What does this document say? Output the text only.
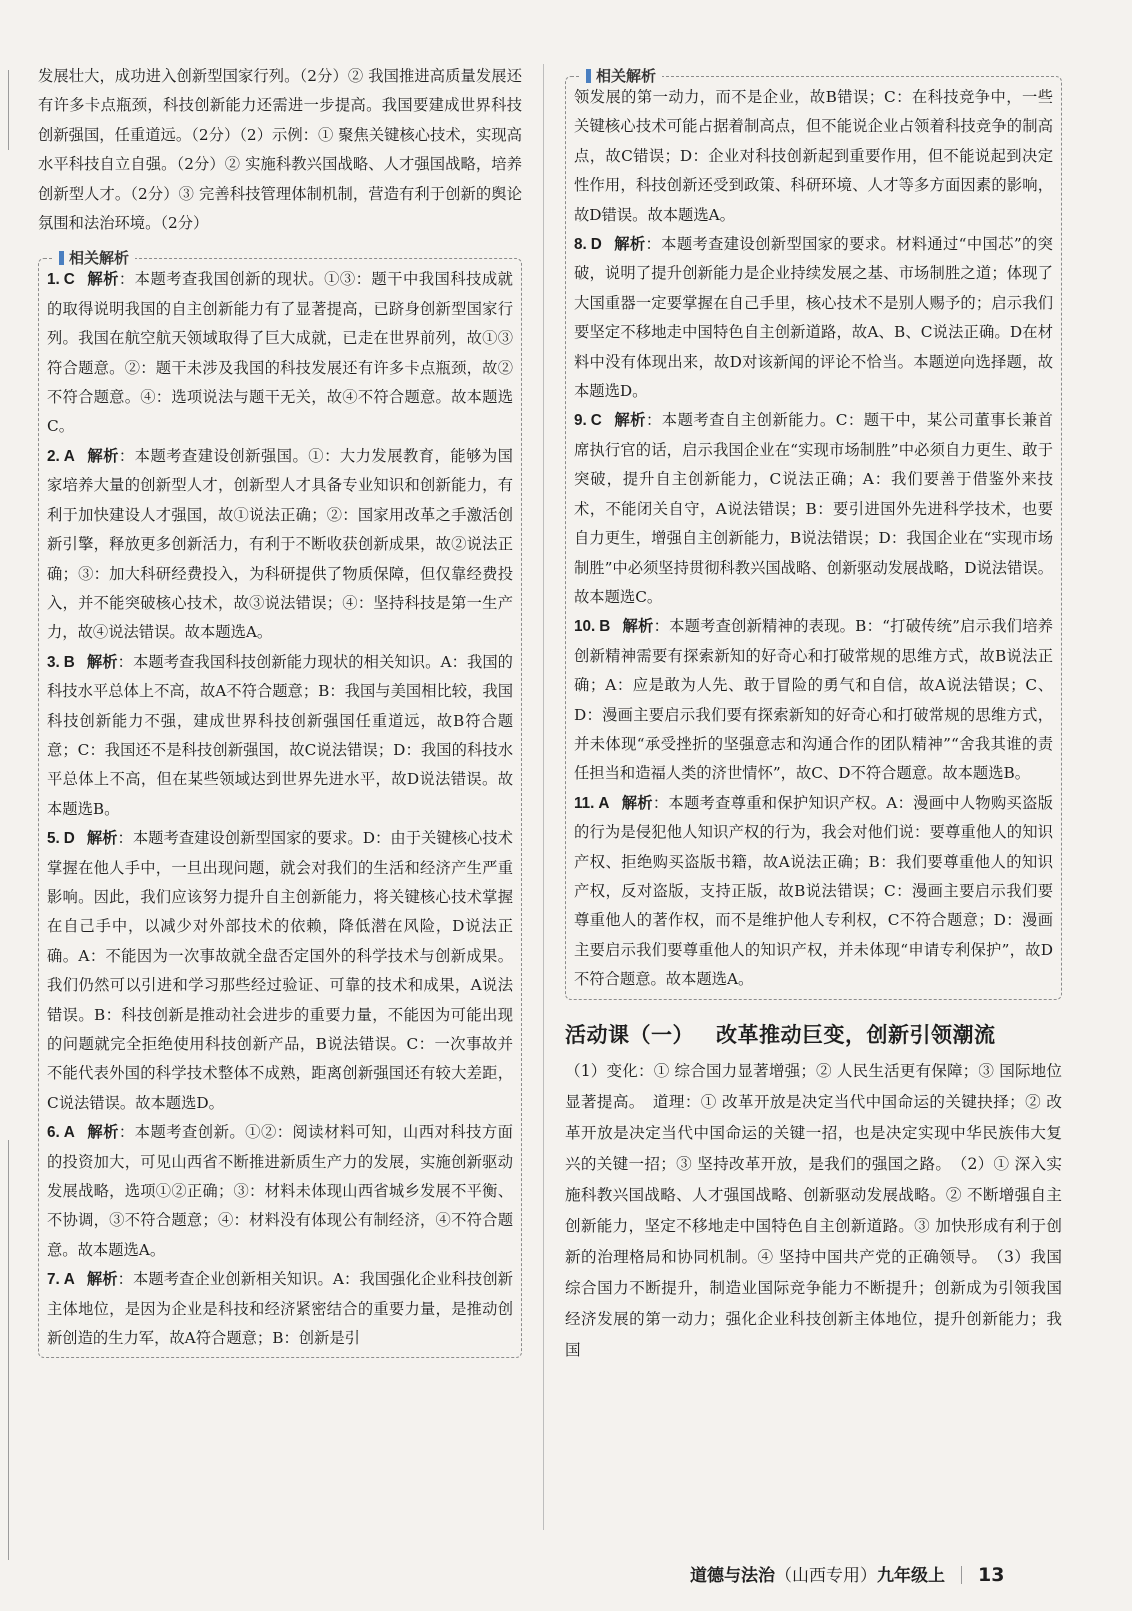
发展壮大，成功进入创新型国家行列。（2分）② 我国推进高质量发展还有许多卡点瓶颈，科技创新能力还需进一步提高。我国要建成世界科技创新强国，任重道远。（2分）（2）示例：① 聚焦关键核心技术，实现高水平科技自立自强。（2分）② 实施科教兴国战略、人才强国战略，培养创新型人才。（2分）③ 完善科技管理体制机制，营造有利于创新的舆论氛围和法治环境。（2分）

相关解析

1. C 解析：本题考查我国创新的现状。①③：题干中我国科技成就的取得说明我国的自主创新能力有了显著提高，已跻身创新型国家行列。我国在航空航天领域取得了巨大成就，已走在世界前列，故①③符合题意。②：题干未涉及我国的科技发展还有许多卡点瓶颈，故②不符合题意。④：选项说法与题干无关，故④不符合题意。故本题选C。

2. A 解析：本题考查建设创新强国。①：大力发展教育，能够为国家培养大量的创新型人才，创新型人才具备专业知识和创新能力，有利于加快建设人才强国，故①说法正确；②：国家用改革之手激活创新引擎，释放更多创新活力，有利于不断收获创新成果，故②说法正确；③：加大科研经费投入，为科研提供了物质保障，但仅靠经费投入，并不能突破核心技术，故③说法错误；④：坚持科技是第一生产力，故④说法错误。故本题选A。

3. B 解析：本题考查我国科技创新能力现状的相关知识。A：我国的科技水平总体上不高，故A不符合题意；B：我国与美国相比较，我国科技创新能力不强，建成世界科技创新强国任重道远，故B符合题意；C：我国还不是科技创新强国，故C说法错误；D：我国的科技水平总体上不高，但在某些领域达到世界先进水平，故D说法错误。故本题选B。

5. D 解析：本题考查建设创新型国家的要求。D：由于关键核心技术掌握在他人手中，一旦出现问题，就会对我们的生活和经济产生严重影响。因此，我们应该努力提升自主创新能力，将关键核心技术掌握在自己手中，以减少对外部技术的依赖，降低潜在风险，D说法正确。A：不能因为一次事故就全盘否定国外的科学技术与创新成果。我们仍然可以引进和学习那些经过验证、可靠的技术和成果，A说法错误。B：科技创新是推动社会进步的重要力量，不能因为可能出现的问题就完全拒绝使用科技创新产品，B说法错误。C：一次事故并不能代表外国的科学技术整体不成熟，距离创新强国还有较大差距，C说法错误。故本题选D。

6. A 解析：本题考查创新。①②：阅读材料可知，山西对科技方面的投资加大，可见山西省不断推进新质生产力的发展，实施创新驱动发展战略，选项①②正确；③：材料未体现山西省城乡发展不平衡、不协调，③不符合题意；④：材料没有体现公有制经济，④不符合题意。故本题选A。

7. A 解析：本题考查企业创新相关知识。A：我国强化企业科技创新主体地位，是因为企业是科技和经济紧密结合的重要力量，是推动创新创造的生力军，故A符合题意；B：创新是引

相关解析

领发展的第一动力，而不是企业，故B错误；C：在科技竞争中，一些关键核心技术可能占据着制高点，但不能说企业占领着科技竞争的制高点，故C错误；D：企业对科技创新起到重要作用，但不能说起到决定性作用，科技创新还受到政策、科研环境、人才等多方面因素的影响，故D错误。故本题选A。

8. D 解析：本题考查建设创新型国家的要求。材料通过“中国芯”的突破，说明了提升创新能力是企业持续发展之基、市场制胜之道；体现了大国重器一定要掌握在自己手里，核心技术不是别人赐予的；启示我们要坚定不移地走中国特色自主创新道路，故A、B、C说法正确。D在材料中没有体现出来，故D对该新闻的评论不恰当。本题逆向选择题，故本题选D。

9. C 解析：本题考查自主创新能力。C：题干中，某公司董事长兼首席执行官的话，启示我国企业在“实现市场制胜”中必须自力更生、敢于突破，提升自主创新能力，C说法正确；A：我们要善于借鉴外来技术，不能闭关自守，A说法错误；B：要引进国外先进科学技术，也要自力更生，增强自主创新能力，B说法错误；D：我国企业在“实现市场制胜”中必须坚持贯彻科教兴国战略、创新驱动发展战略，D说法错误。故本题选C。

10. B 解析：本题考查创新精神的表现。B：“打破传统”启示我们培养创新精神需要有探索新知的好奇心和打破常规的思维方式，故B说法正确；A：应是敢为人先、敢于冒险的勇气和自信，故A说法错误；C、D：漫画主要启示我们要有探索新知的好奇心和打破常规的思维方式，并未体现“承受挫折的坚强意志和沟通合作的团队精神”“舍我其谁的责任担当和造福人类的济世情怀”，故C、D不符合题意。故本题选B。

11. A 解析：本题考查尊重和保护知识产权。A：漫画中人物购买盗版的行为是侵犯他人知识产权的行为，我会对他们说：要尊重他人的知识产权、拒绝购买盗版书籍，故A说法正确；B：我们要尊重他人的知识产权，反对盗版，支持正版，故B说法错误；C：漫画主要启示我们要尊重他人的著作权，而不是维护他人专利权，C不符合题意；D：漫画主要启示我们要尊重他人的知识产权，并未体现“申请专利保护”，故D不符合题意。故本题选A。

活动课（一） 改革推动巨变，创新引领潮流

（1）变化：① 综合国力显著增强；② 人民生活更有保障；③ 国际地位显著提高。　道理：① 改革开放是决定当代中国命运的关键抉择；② 改革开放是决定当代中国命运的关键一招，也是决定实现中华民族伟大复兴的关键一招；③ 坚持改革开放，是我们的强国之路。　（2）① 深入实施科教兴国战略、人才强国战略、创新驱动发展战略。② 不断增强自主创新能力，坚定不移地走中国特色自主创新道路。③ 加快形成有利于创新的治理格局和协同机制。④ 坚持中国共产党的正确领导。　（3）我国综合国力不断提升，制造业国际竞争能力不断提升；创新成为引领我国经济发展的第一动力；强化企业科技创新主体地位，提升创新能力；我国

道德与法治（山西专用）九年级上 13
